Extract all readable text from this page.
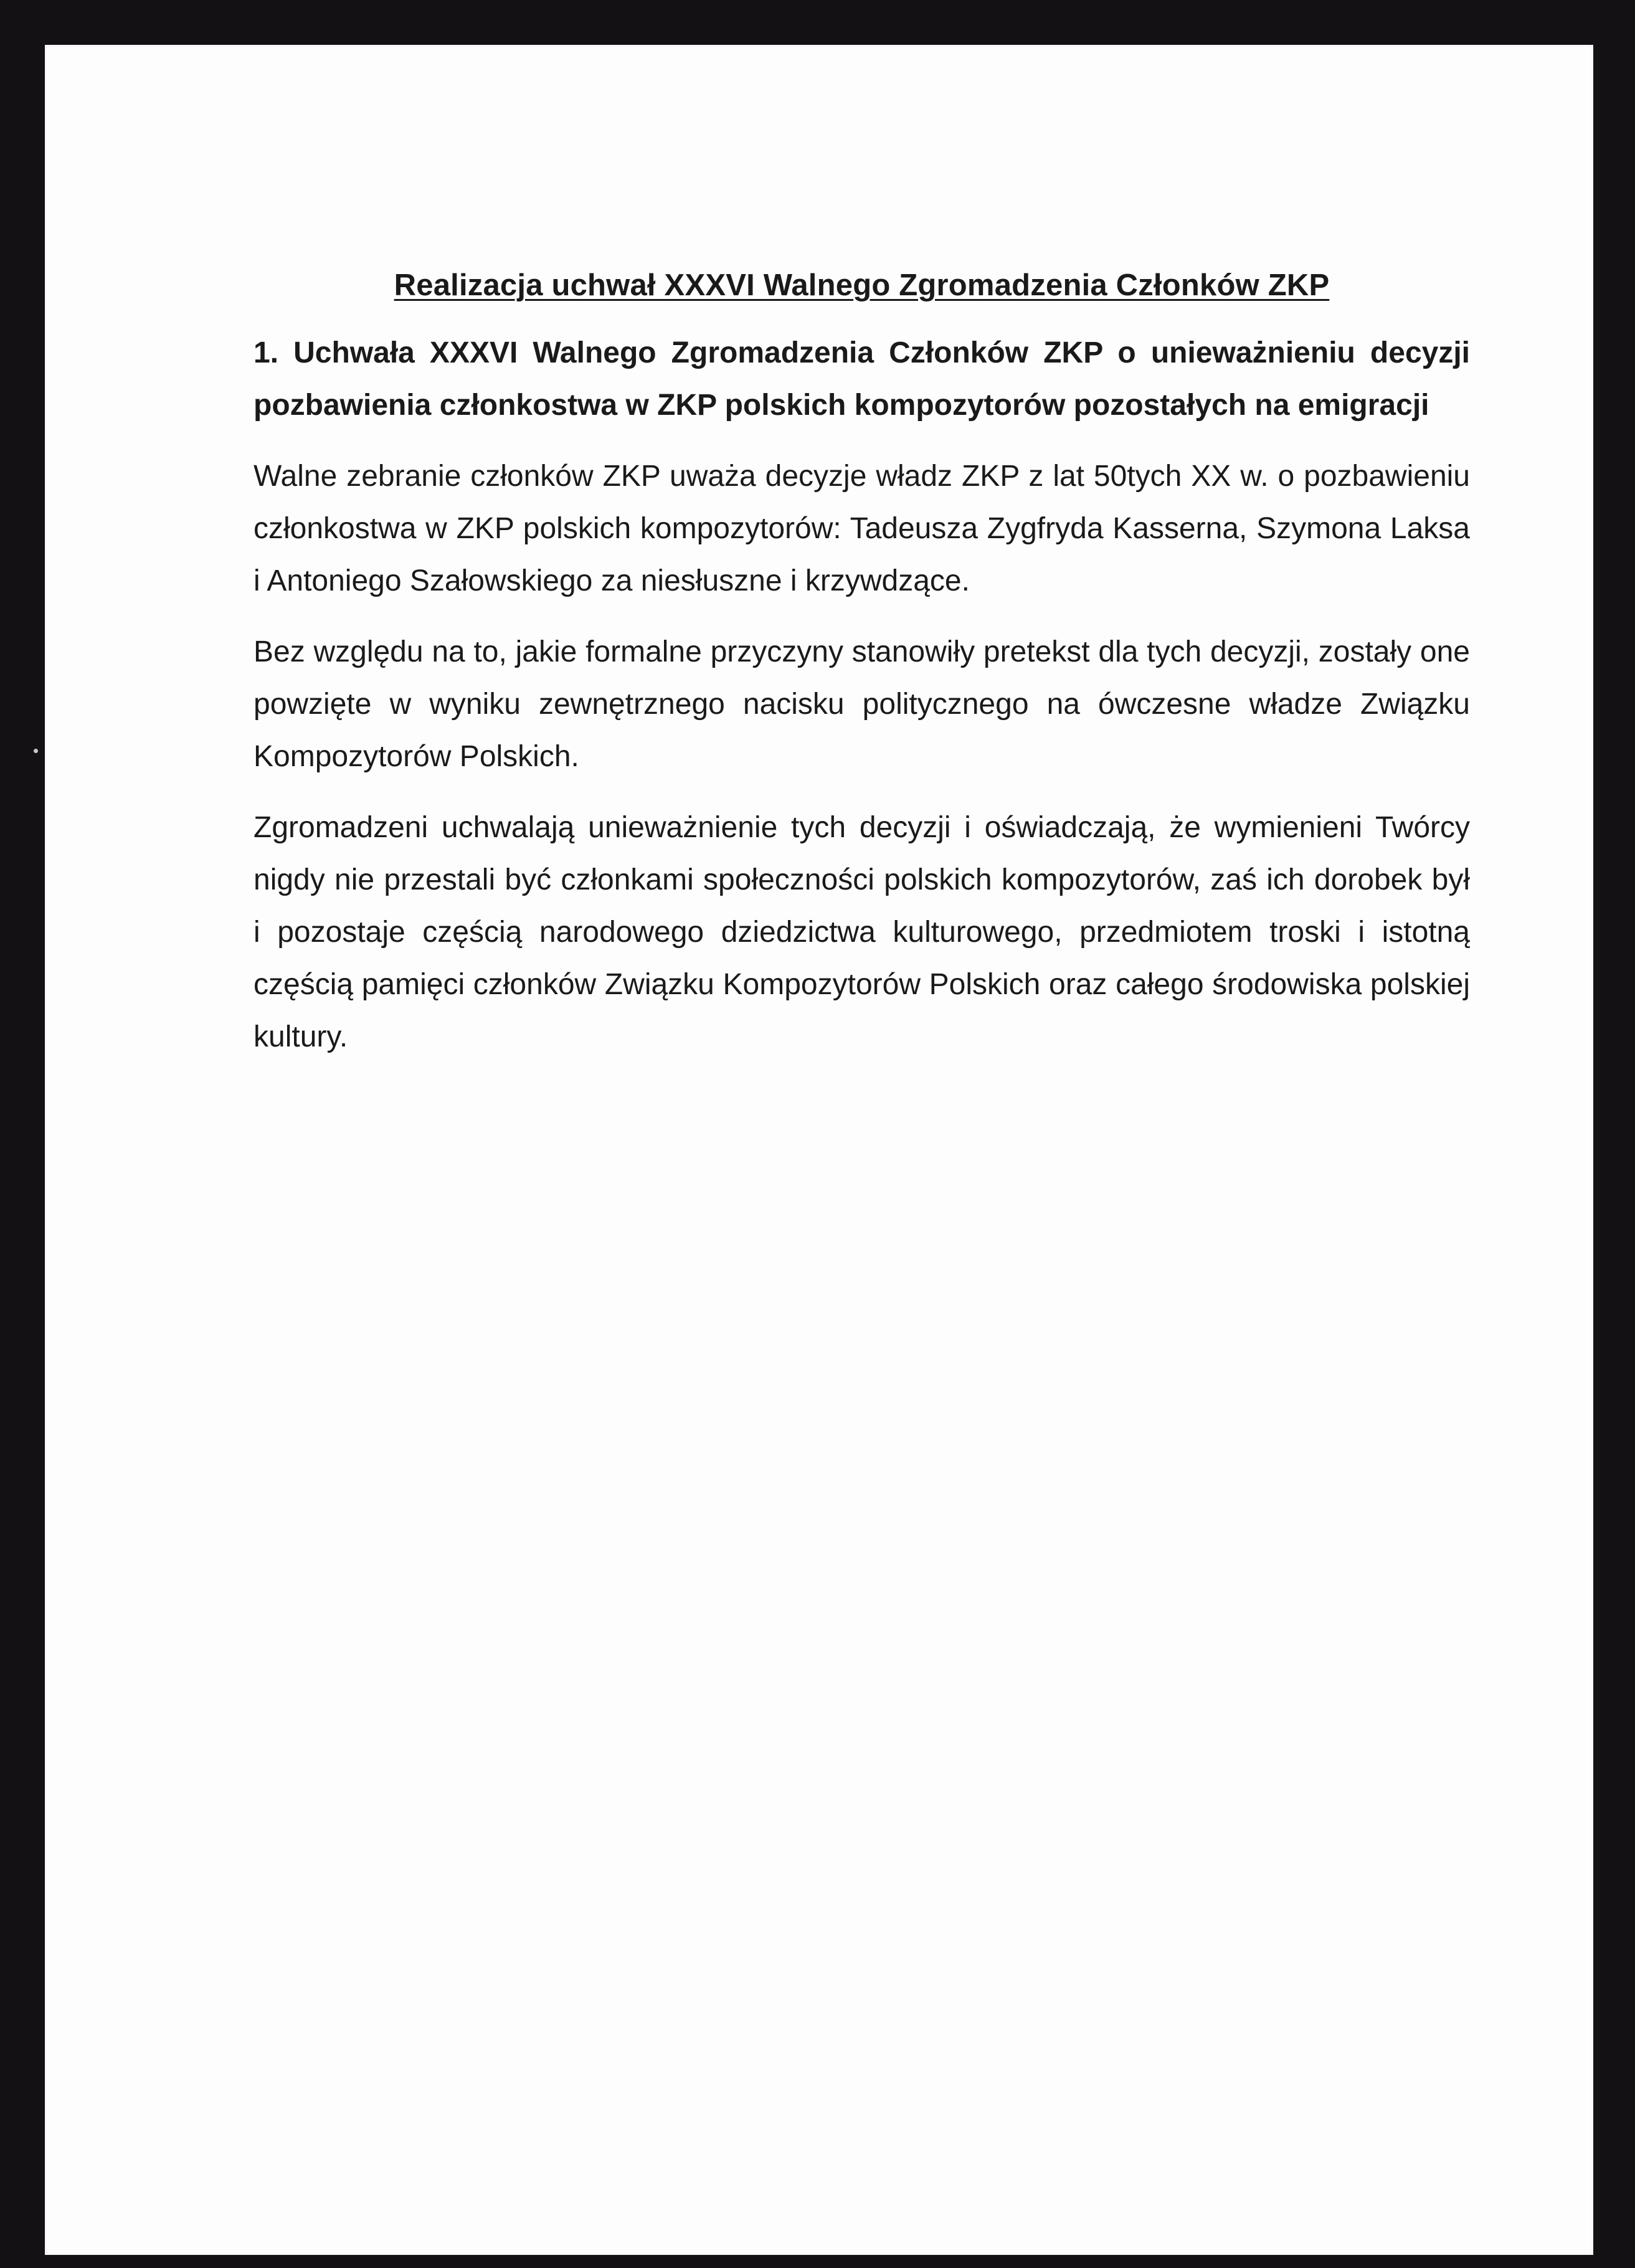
Realizacja uchwał XXXVI Walnego Zgromadzenia Członków ZKP

1. Uchwała XXXVI Walnego Zgromadzenia Członków ZKP o unieważnieniu decyzji pozbawienia członkostwa w ZKP polskich kompozytorów pozostałych na emigracji

Walne zebranie członków ZKP uważa decyzje władz ZKP z lat 50tych XX w. o pozbawieniu członkostwa w ZKP polskich kompozytorów: Tadeusza Zygfryda Kasserna, Szymona Laksa i Antoniego Szałowskiego za niesłuszne i krzywdzące.

Bez względu na to, jakie formalne przyczyny stanowiły pretekst dla tych decyzji, zostały one powzięte w wyniku zewnętrznego nacisku politycznego na ówczesne władze Związku Kompozytorów Polskich.

Zgromadzeni uchwalają unieważnienie tych decyzji i oświadczają, że wymienieni Twórcy nigdy nie przestali być członkami społeczności polskich kompozytorów, zaś ich dorobek był i pozostaje częścią narodowego dziedzictwa kulturowego, przedmiotem troski i istotną częścią pamięci członków Związku Kompozytorów Polskich oraz całego środowiska polskiej kultury.
